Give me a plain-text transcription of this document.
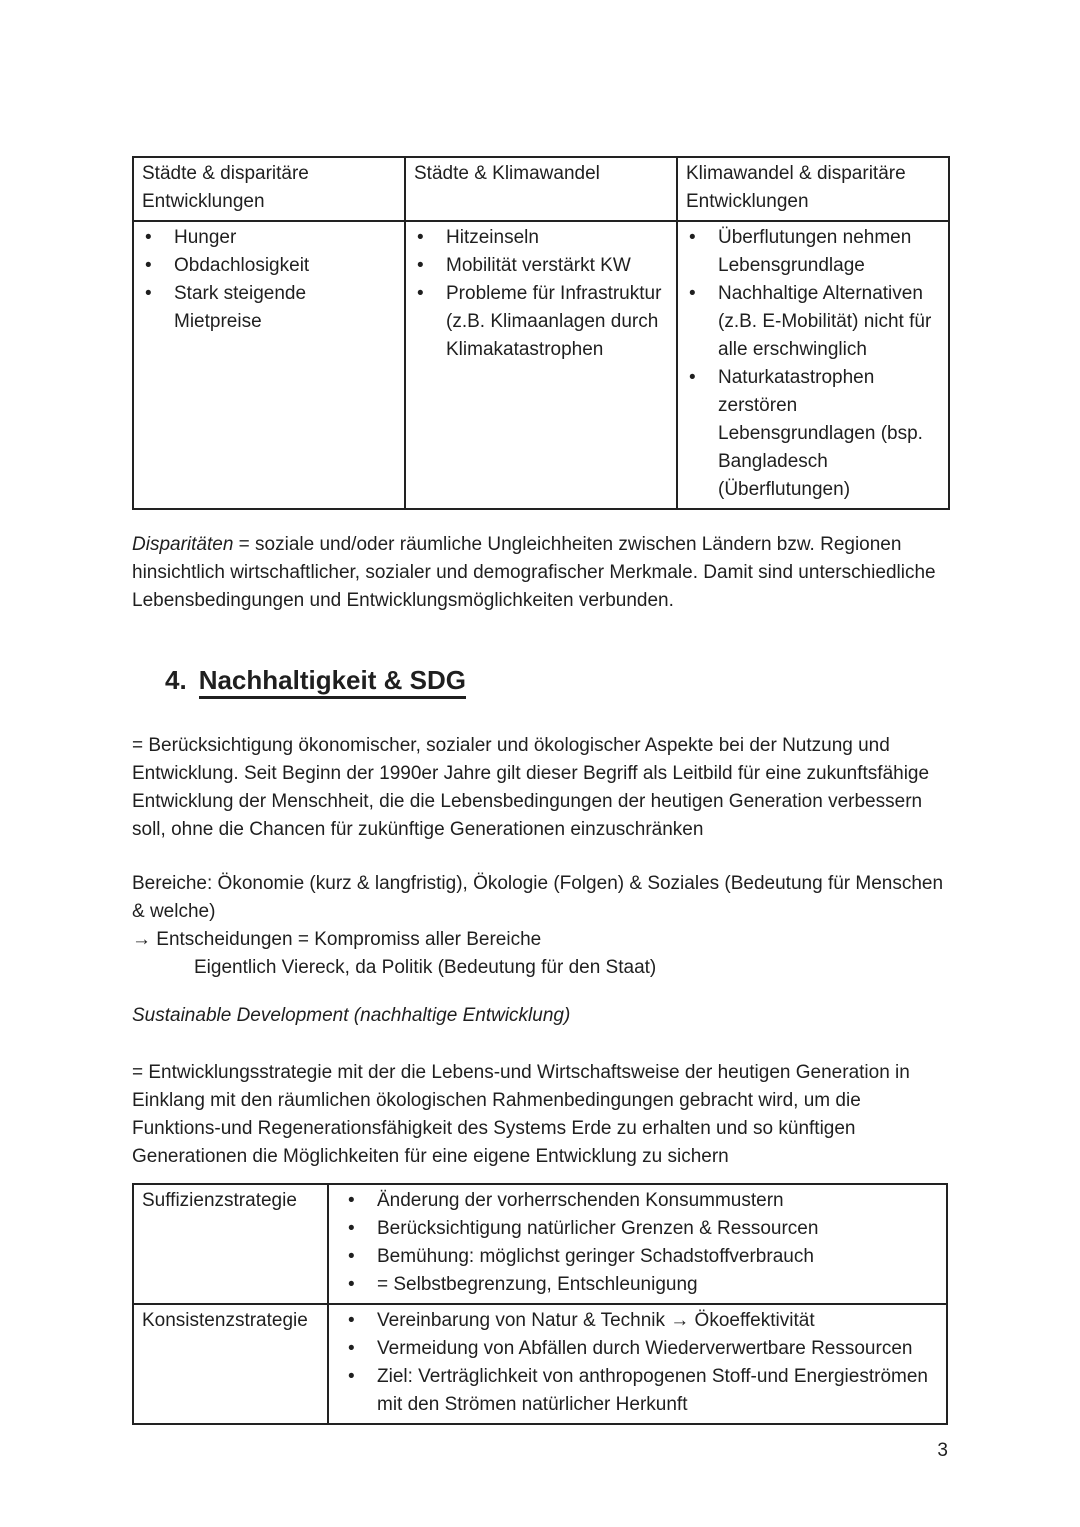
Städte & disparitäre Entwicklungen	Städte & Klimawandel	Klimawandel & disparitäre Entwicklungen

• Hunger
• Obdachlosigkeit
• Stark steigende Mietpreise

• Hitzeinseln
• Mobilität verstärkt KW
• Probleme für Infrastruktur (z.B. Klimaanlagen durch Klimakatastrophen

• Überflutungen nehmen Lebensgrundlage
• Nachhaltige Alternativen (z.B. E-Mobilität) nicht für alle erschwinglich
• Naturkatastrophen zerstören Lebensgrundlagen (bsp. Bangladesch (Überflutungen)

Disparitäten = soziale und/oder räumliche Ungleichheiten zwischen Ländern bzw. Regionen hinsichtlich wirtschaftlicher, sozialer und demografischer Merkmale. Damit sind unterschiedliche Lebensbedingungen und Entwicklungsmöglichkeiten verbunden.

4. Nachhaltigkeit & SDG

= Berücksichtigung ökonomischer, sozialer und ökologischer Aspekte bei der Nutzung und Entwicklung. Seit Beginn der 1990er Jahre gilt dieser Begriff als Leitbild für eine zukunftsfähige Entwicklung der Menschheit, die die Lebensbedingungen der heutigen Generation verbessern soll, ohne die Chancen für zukünftige Generationen einzuschränken

Bereiche: Ökonomie (kurz & langfristig), Ökologie (Folgen) & Soziales (Bedeutung für Menschen & welche)
→ Entscheidungen = Kompromiss aller Bereiche
Eigentlich Viereck, da Politik (Bedeutung für den Staat)

Sustainable Development (nachhaltige Entwicklung)

= Entwicklungsstrategie mit der die Lebens-und Wirtschaftsweise der heutigen Generation in Einklang mit den räumlichen ökologischen Rahmenbedingungen gebracht wird, um die Funktions-und Regenerationsfähigkeit des Systems Erde zu erhalten und so künftigen Generationen die Möglichkeiten für eine eigene Entwicklung zu sichern

Suffizienzstrategie	
•Änderung der vorherrschenden Konsummustern
• Berücksichtigung natürlicher Grenzen & Ressourcen
• Bemühung: möglichst geringer Schadstoffverbrauch
• = Selbstbegrenzung, Entschleunigung

Konsistenzstrategie	
•Vereinbarung von Natur & Technik → Ökoeffektivität
• Vermeidung von Abfällen durch Wiederverwertbare Ressourcen
• Ziel: Verträglichkeit von anthropogenen Stoff-und Energieströmen mit den Strömen natürlicher Herkunft
3
